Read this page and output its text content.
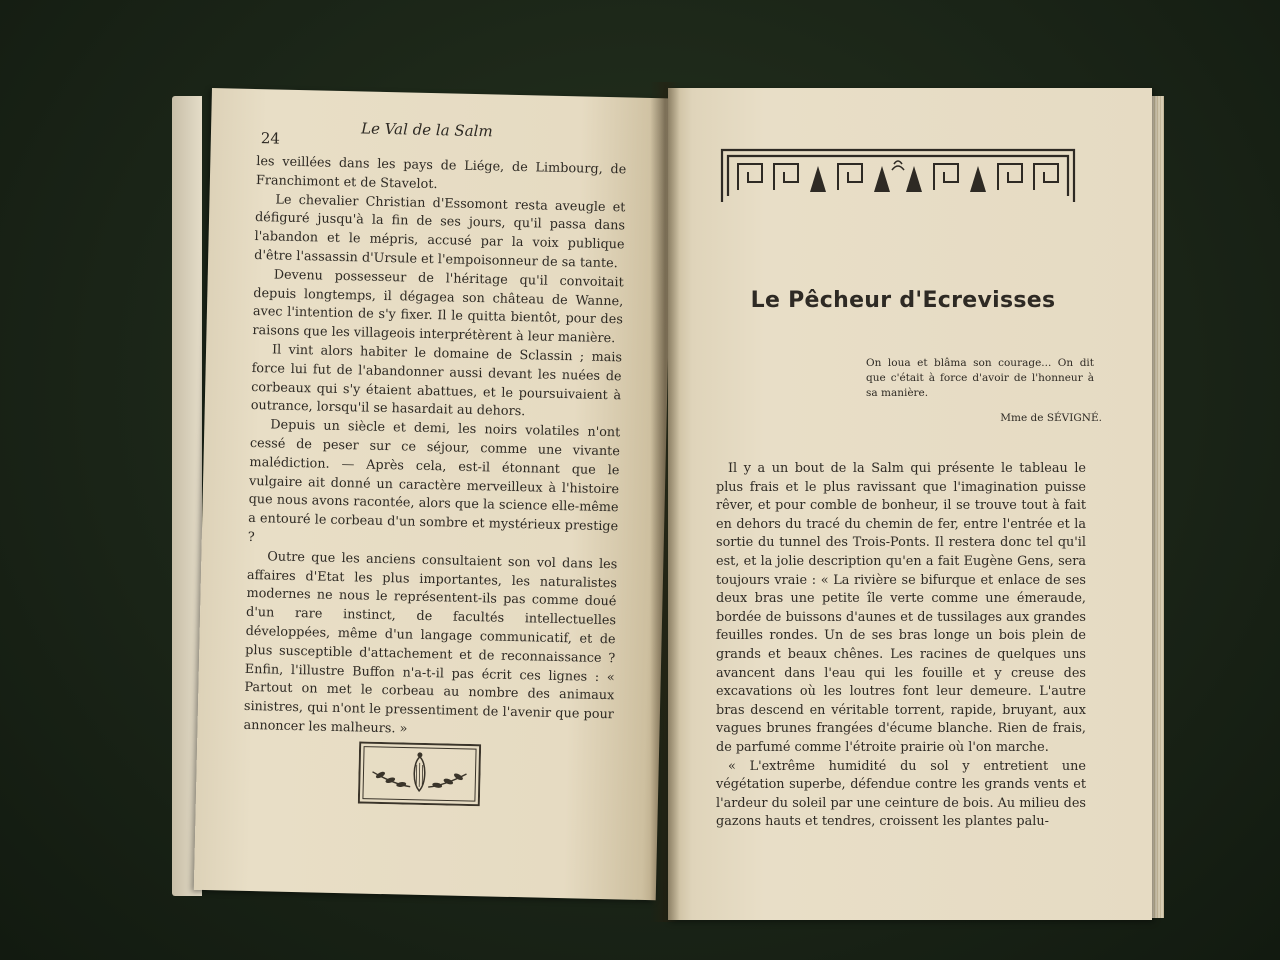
24	Le Val de la Salm

les veillées dans les pays de Liége, de Limbourg, de Franchimont et de Stavelot.

Le chevalier Christian d'Essomont resta aveugle et défiguré jusqu'à la fin de ses jours, qu'il passa dans l'abandon et le mépris, accusé par la voix publique d'être l'assassin d'Ursule et l'empoisonneur de sa tante.

Devenu possesseur de l'héritage qu'il convoitait depuis longtemps, il dégagea son château de Wanne, avec l'intention de s'y fixer. Il le quitta bientôt, pour des raisons que les villageois interprétèrent à leur manière.

Il vint alors habiter le domaine de Sclassin ; mais force lui fut de l'abandonner aussi devant les nuées de corbeaux qui s'y étaient abattues, et le poursuivaient à outrance, lorsqu'il se hasardait au dehors.

Depuis un siècle et demi, les noirs volatiles n'ont cessé de peser sur ce séjour, comme une vivante malédiction. — Après cela, est-il étonnant que le vulgaire ait donné un caractère merveilleux à l'histoire que nous avons racontée, alors que la science elle-même a entouré le corbeau d'un sombre et mystérieux prestige ?

Outre que les anciens consultaient son vol dans les affaires d'Etat les plus importantes, les naturalistes modernes ne nous le représentent-ils pas comme doué d'un rare instinct, de facultés intellectuelles développées, même d'un langage communicatif, et de plus susceptible d'attachement et de reconnaissance ? Enfin, l'illustre Buffon n'a-t-il pas écrit ces lignes : « Partout on met le corbeau au nombre des animaux sinistres, qui n'ont le pressentiment de l'avenir que pour annoncer les malheurs. »

Le Pêcheur d'Ecrevisses
On loua et blâma son courage... On dit que c'était à force d'avoir de l'honneur à sa manière.
Mme de SÉVIGNÉ.

Il y a un bout de la Salm qui présente le tableau le plus frais et le plus ravissant que l'imagination puisse rêver, et pour comble de bonheur, il se trouve tout à fait en dehors du tracé du chemin de fer, entre l'entrée et la sortie du tunnel des Trois-Ponts. Il restera donc tel qu'il est, et la jolie description qu'en a fait Eugène Gens, sera toujours vraie : « La rivière se bifurque et enlace de ses deux bras une petite île verte comme une émeraude, bordée de buissons d'aunes et de tussilages aux grandes feuilles rondes. Un de ses bras longe un bois plein de grands et beaux chênes. Les racines de quelques uns avancent dans l'eau qui les fouille et y creuse des excavations où les loutres font leur demeure. L'autre bras descend en véritable torrent, rapide, bruyant, aux vagues brunes frangées d'écume blanche. Rien de frais, de parfumé comme l'étroite prairie où l'on marche.

« L'extrême humidité du sol y entretient une végétation superbe, défendue contre les grands vents et l'ardeur du soleil par une ceinture de bois. Au milieu des gazons hauts et tendres, croissent les plantes palu-
